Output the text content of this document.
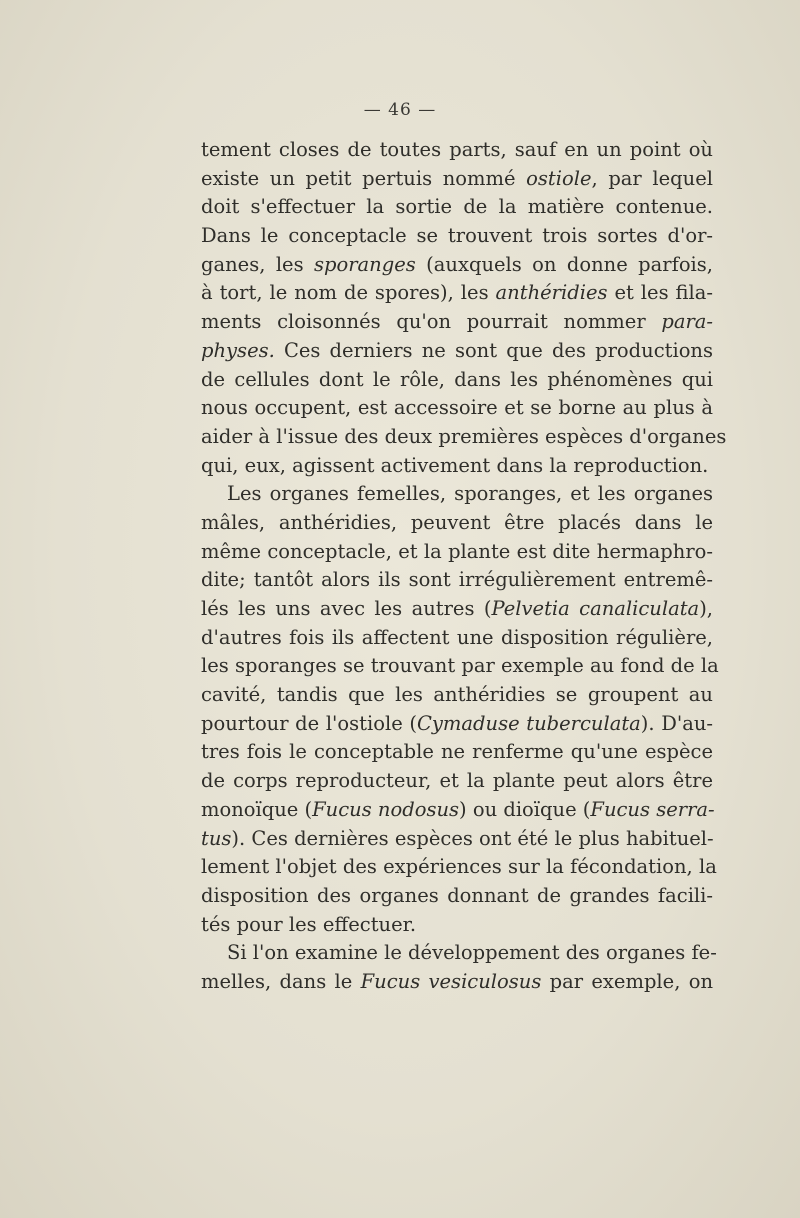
— 46 —
tement closes de toutes parts, sauf en un point où
existe un petit pertuis nommé ostiole, par lequel
doit s'effectuer la sortie de la matière contenue.
Dans le conceptacle se trouvent trois sortes d'or-
ganes, les sporanges (auxquels on donne parfois,
à tort, le nom de spores), les anthéridies et les fila-
ments cloisonnés qu'on pourrait nommer para-
physes. Ces derniers ne sont que des productions
de cellules dont le rôle, dans les phénomènes qui
nous occupent, est accessoire et se borne au plus à
aider à l'issue des deux premières espèces d'organes
qui, eux, agissent activement dans la reproduction.
Les organes femelles, sporanges, et les organes
mâles, anthéridies, peuvent être placés dans le
même conceptacle, et la plante est dite hermaphro-
dite; tantôt alors ils sont irrégulièrement entremê-
lés les uns avec les autres (Pelvetia canaliculata),
d'autres fois ils affectent une disposition régulière,
les sporanges se trouvant par exemple au fond de la
cavité, tandis que les anthéridies se groupent au
pourtour de l'ostiole (Cymaduse tuberculata). D'au-
tres fois le conceptable ne renferme qu'une espèce
de corps reproducteur, et la plante peut alors être
monoïque (Fucus nodosus) ou dioïque (Fucus serra-
tus). Ces dernières espèces ont été le plus habituel-
lement l'objet des expériences sur la fécondation, la
disposition des organes donnant de grandes facili-
tés pour les effectuer.
Si l'on examine le développement des organes fe-
melles, dans le Fucus vesiculosus par exemple, on
